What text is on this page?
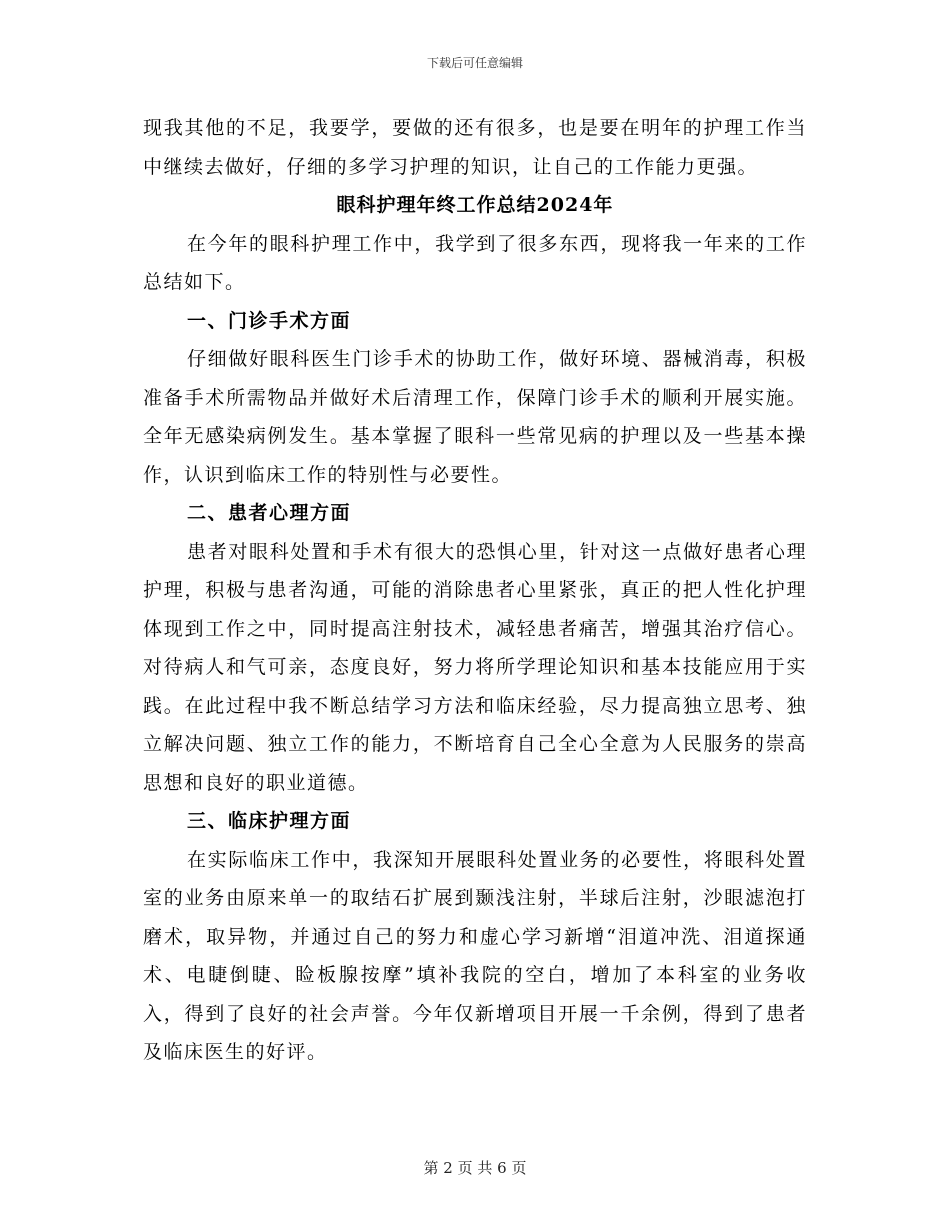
下载后可任意编辑

现我其他的不足，我要学，要做的还有很多，也是要在明年的护理工作当中继续去做好，仔细的多学习护理的知识，让自己的工作能力更强。

眼科护理年终工作总结2024年

在今年的眼科护理工作中，我学到了很多东西，现将我一年来的工作总结如下。

一、门诊手术方面

仔细做好眼科医生门诊手术的协助工作，做好环境、器械消毒，积极准备手术所需物品并做好术后清理工作，保障门诊手术的顺利开展实施。全年无感染病例发生。基本掌握了眼科一些常见病的护理以及一些基本操作，认识到临床工作的特别性与必要性。

二、患者心理方面

患者对眼科处置和手术有很大的恐惧心里，针对这一点做好患者心理护理，积极与患者沟通，可能的消除患者心里紧张，真正的把人性化护理体现到工作之中，同时提高注射技术，减轻患者痛苦，增强其治疗信心。对待病人和气可亲，态度良好，努力将所学理论知识和基本技能应用于实践。在此过程中我不断总结学习方法和临床经验，尽力提高独立思考、独立解决问题、独立工作的能力，不断培育自己全心全意为人民服务的崇高思想和良好的职业道德。

三、临床护理方面

在实际临床工作中，我深知开展眼科处置业务的必要性，将眼科处置室的业务由原来单一的取结石扩展到颞浅注射，半球后注射，沙眼滤泡打磨术，取异物，并通过自己的努力和虚心学习新增“泪道冲洗、泪道探通术、电睫倒睫、睑板腺按摩”填补我院的空白，增加了本科室的业务收入，得到了良好的社会声誉。今年仅新增项目开展一千余例，得到了患者及临床医生的好评。

第 2 页 共 6 页
